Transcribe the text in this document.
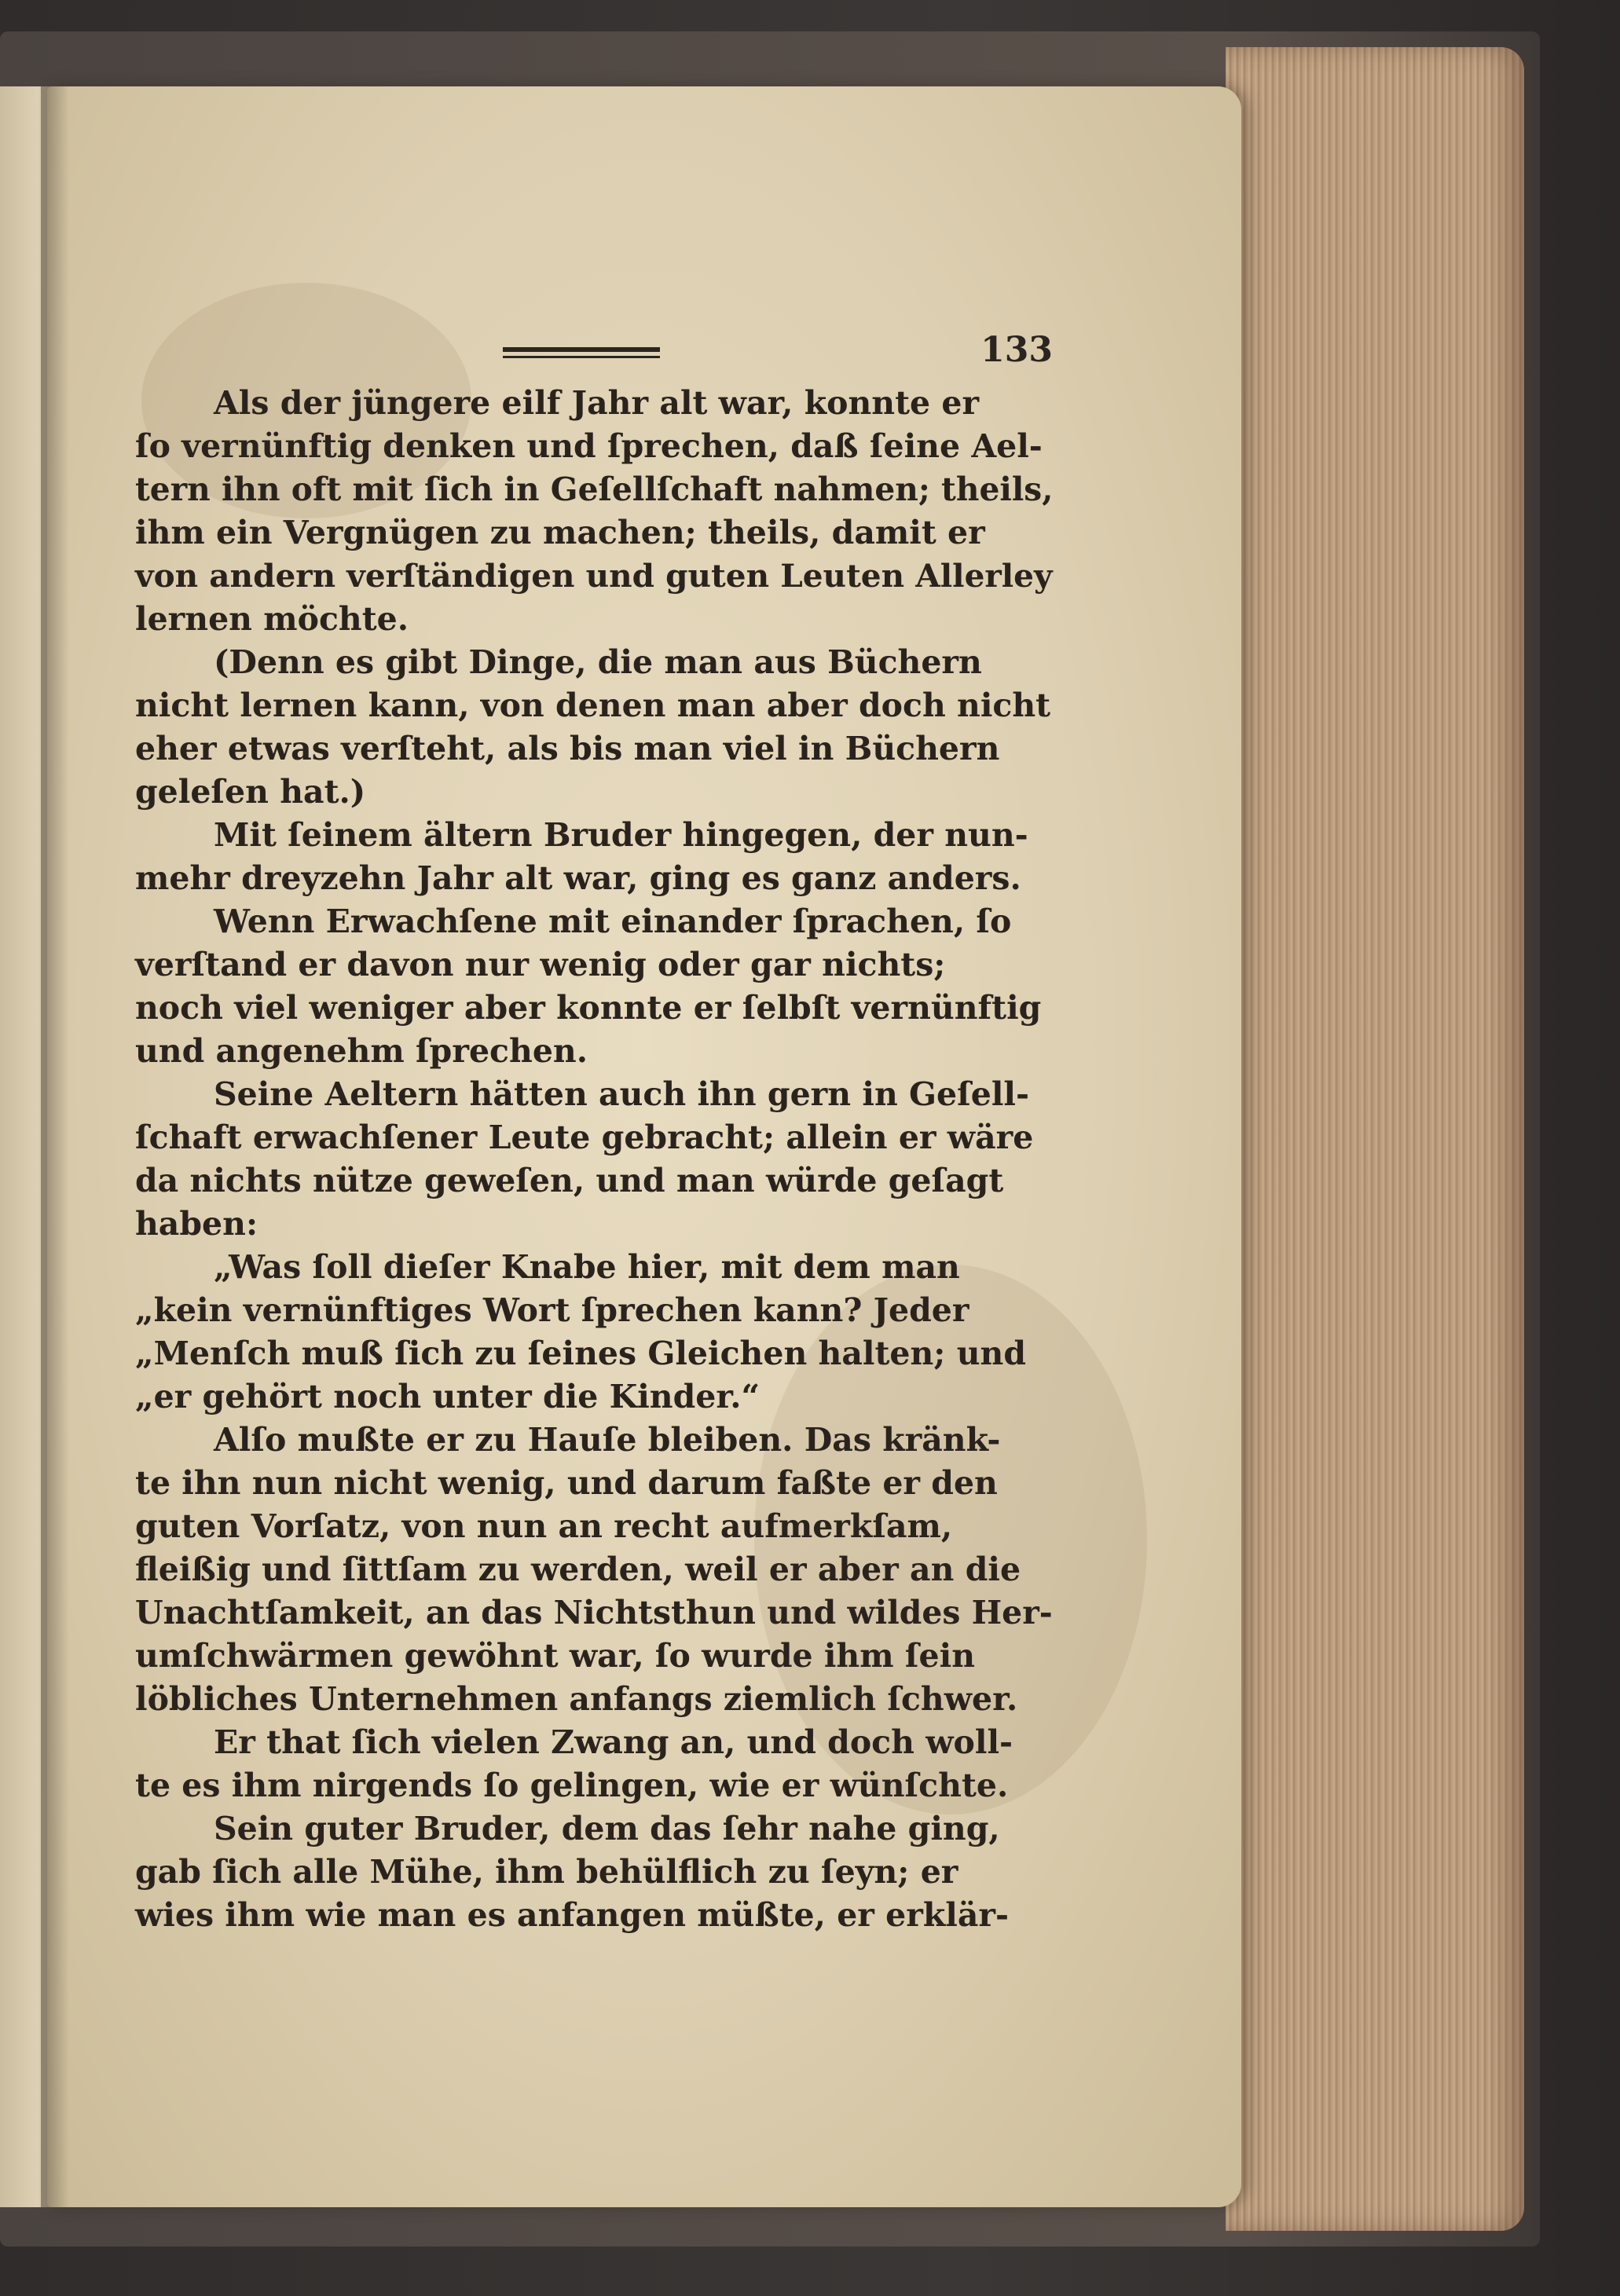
133
Als der jüngere eilf Jahr alt war, konnte er
ſo vernünftig denken und ſprechen, daß ſeine Ael-
tern ihn oft mit ſich in Geſellſchaft nahmen; theils,
ihm ein Vergnügen zu machen; theils, damit er
von andern verſtändigen und guten Leuten Allerley
lernen möchte.
(Denn es gibt Dinge, die man aus Büchern
nicht lernen kann, von denen man aber doch nicht
eher etwas verſteht, als bis man viel in Büchern
geleſen hat.)
Mit ſeinem ältern Bruder hingegen, der nun-
mehr dreyzehn Jahr alt war, ging es ganz anders.
Wenn Erwachſene mit einander ſprachen, ſo
verſtand er davon nur wenig oder gar nichts;
noch viel weniger aber konnte er ſelbſt vernünftig
und angenehm ſprechen.
Seine Aeltern hätten auch ihn gern in Geſell-
ſchaft erwachſener Leute gebracht; allein er wäre
da nichts nütze geweſen, und man würde geſagt
haben:
„Was ſoll dieſer Knabe hier, mit dem man
„kein vernünftiges Wort ſprechen kann? Jeder
„Menſch muß ſich zu ſeines Gleichen halten; und
„er gehört noch unter die Kinder.“
Alſo mußte er zu Hauſe bleiben. Das kränk-
te ihn nun nicht wenig, und darum faßte er den
guten Vorſatz, von nun an recht aufmerkſam,
fleißig und ſittſam zu werden, weil er aber an die
Unachtſamkeit, an das Nichtsthun und wildes Her-
umſchwärmen gewöhnt war, ſo wurde ihm ſein
löbliches Unternehmen anfangs ziemlich ſchwer.
Er that ſich vielen Zwang an, und doch woll-
te es ihm nirgends ſo gelingen, wie er wünſchte.
Sein guter Bruder, dem das ſehr nahe ging,
gab ſich alle Mühe, ihm behülflich zu ſeyn; er
wies ihm wie man es anfangen müßte, er erklär-
